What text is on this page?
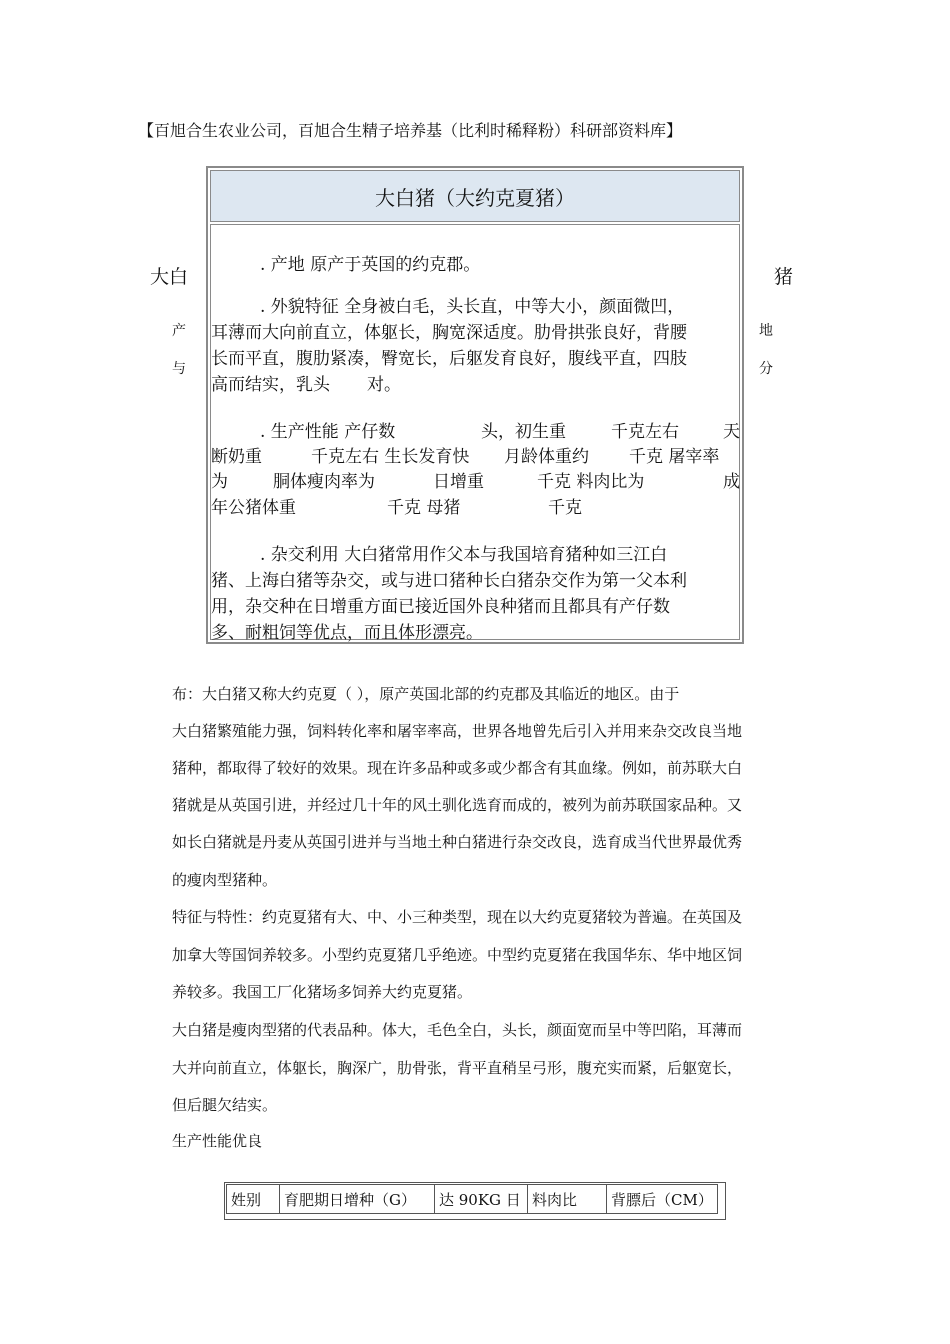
【百旭合生农业公司，百旭合生精子培养基（比利时稀释粉）科研部资料库】
大白
产
与
猪
地
分
大白猪（大约克夏猪）
. 产地 原产于英国的约克郡。
. 外貌特征 全身被白毛，头长直，中等大小，颜面微凹，
耳薄而大向前直立，体躯长，胸宽深适度。肋骨拱张良好，背腰
长而平直，腹肋紧凑，臀宽长，后躯发育良好，腹线平直，四肢
高而结实，乳头 对。
. 生产性能 产仔数	头，初生重	千克左右	天
断奶重	千克左右 生长发育快 月龄体重约 千克 屠宰率
为	胴体瘦肉率为	日增重	千克 料肉比为	成
年公猪体重	千克 母猪	千克
. 杂交利用 大白猪常用作父本与我国培育猪种如三江白
猪、上海白猪等杂交，或与进口猪种长白猪杂交作为第一父本利
用，杂交种在日增重方面已接近国外良种猪而且都具有产仔数
多、耐粗饲等优点，而且体形漂亮。
布：大白猪又称大约克夏（ ），原产英国北部的约克郡及其临近的地区。由于
大白猪繁殖能力强，饲料转化率和屠宰率高，世界各地曾先后引入并用来杂交改良当地
猪种，都取得了较好的效果。现在许多品种或多或少都含有其血缘。例如，前苏联大白
猪就是从英国引进，并经过几十年的风土驯化选育而成的，被列为前苏联国家品种。又
如长白猪就是丹麦从英国引进并与当地土种白猪进行杂交改良，选育成当代世界最优秀
的瘦肉型猪种。
特征与特性：约克夏猪有大、中、小三种类型，现在以大约克夏猪较为普遍。在英国及
加拿大等国饲养较多。小型约克夏猪几乎绝迹。中型约克夏猪在我国华东、华中地区饲
养较多。我国工厂化猪场多饲养大约克夏猪。
大白猪是瘦肉型猪的代表品种。体大，毛色全白，头长，颜面宽而呈中等凹陷，耳薄而
大并向前直立，体躯长，胸深广，肋骨张，背平直稍呈弓形，腹充实而紧，后躯宽长，
但后腿欠结实。
生产性能优良
姓别	育肥期日增种（G）	达 90KG 日	料肉比	背膘后（CM）
